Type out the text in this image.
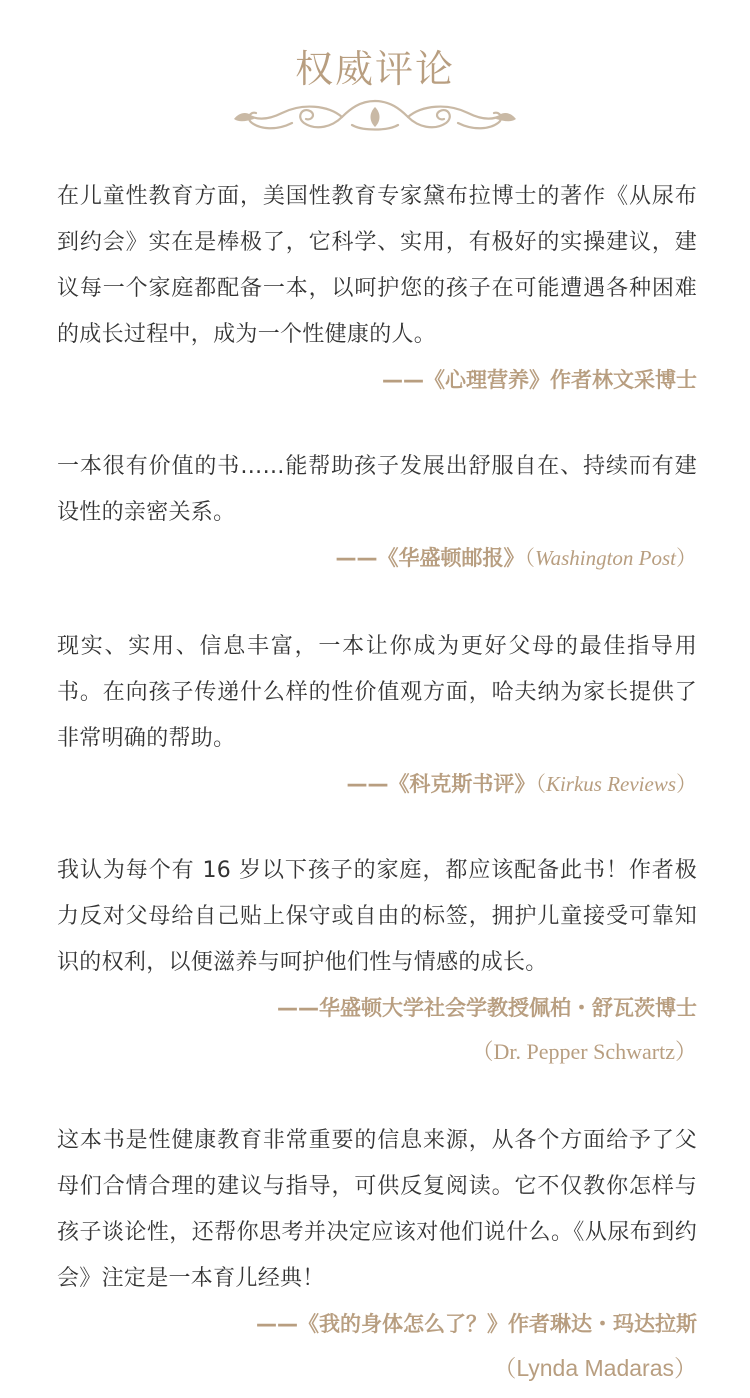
权威评论
在儿童性教育方面，美国性教育专家黛布拉博士的著作《从尿布到约会》实在是棒极了，它科学、实用，有极好的实操建议，建议每一个家庭都配备一本，以呵护您的孩子在可能遭遇各种困难的成长过程中，成为一个性健康的人。
——《心理营养》作者林文采博士
一本很有价值的书……能帮助孩子发展出舒服自在、持续而有建设性的亲密关系。
——《华盛顿邮报》（Washington Post）
现实、实用、信息丰富，一本让你成为更好父母的最佳指导用书。在向孩子传递什么样的性价值观方面，哈夫纳为家长提供了非常明确的帮助。
——《科克斯书评》（Kirkus Reviews）
我认为每个有 16 岁以下孩子的家庭，都应该配备此书！作者极力反对父母给自己贴上保守或自由的标签，拥护儿童接受可靠知识的权利，以便滋养与呵护他们性与情感的成长。
——华盛顿大学社会学教授佩柏・舒瓦茨博士
（Dr. Pepper Schwartz）
这本书是性健康教育非常重要的信息来源，从各个方面给予了父母们合情合理的建议与指导，可供反复阅读。它不仅教你怎样与孩子谈论性，还帮你思考并决定应该对他们说什么。《从尿布到约会》注定是一本育儿经典！
——《我的身体怎么了？》作者琳达・玛达拉斯
（Lynda Madaras）
